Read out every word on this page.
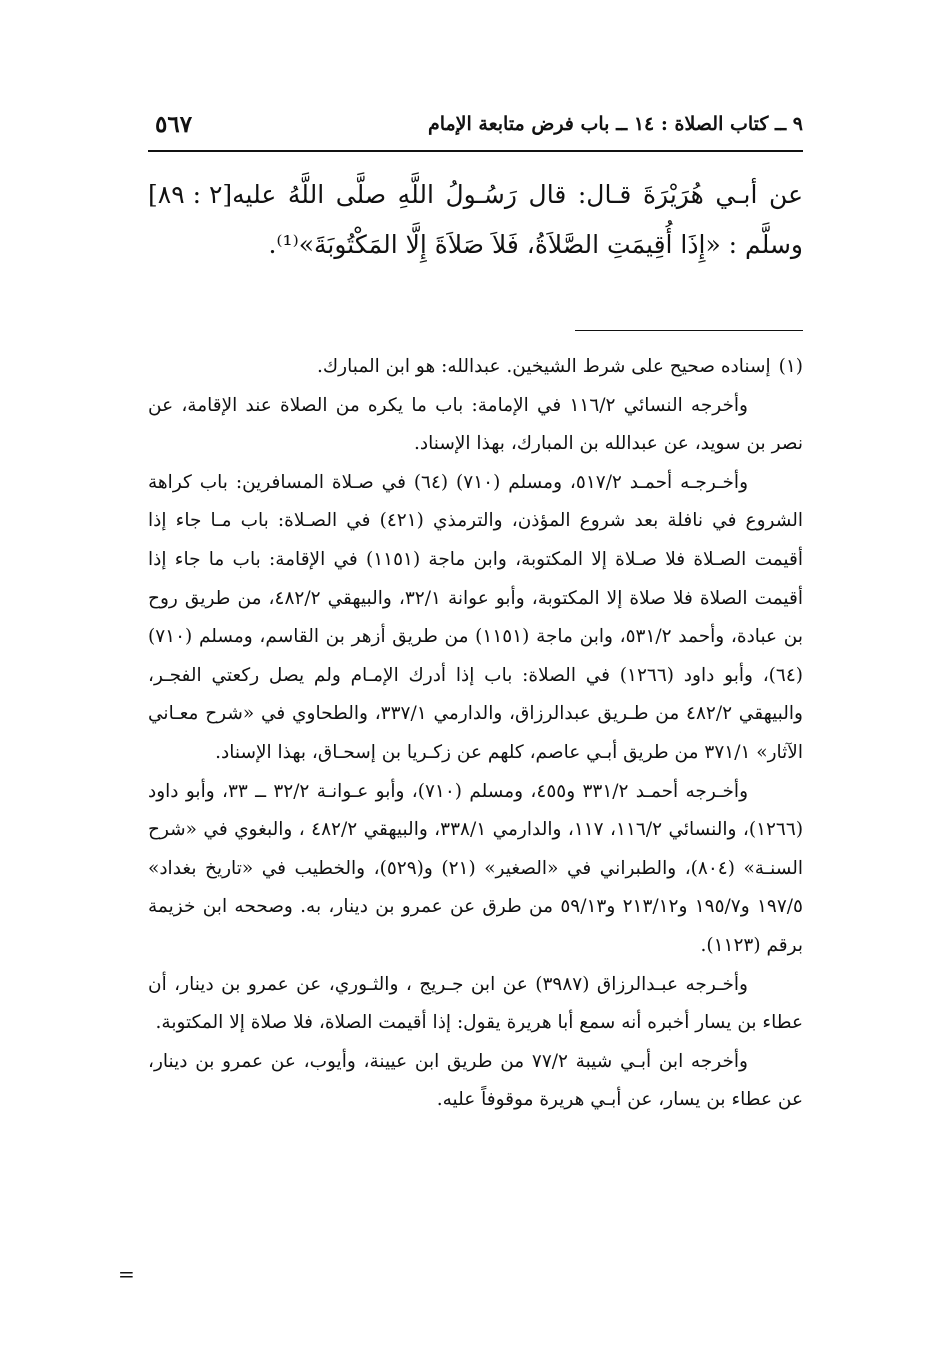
٩ ــ كتاب الصلاة : ١٤ ــ باب فرض متابعة الإمام
٥٦٧

[٢ : ٨٩] عن أبـي هُرَيْرَةَ قـال: قال رَسُـولُ اللَّهِ صلَّى اللَّهُ عليه وسلَّم : «إِذَا أُقِيمَتِ الصَّلاَةُ، فَلاَ صَلاَةَ إِلَّا المَكْتُوبَةَ»⁽¹⁾.

(١)إسناده صحيح على شرط الشيخين. عبدالله: هو ابن المبارك.

وأخرجه النسائي ١١٦/٢ في الإمامة: باب ما يكره من الصلاة عند الإقامة، عن نصر بن سويد، عن عبدالله بن المبارك، بهذا الإسناد.

وأخـرجـه أحمـد ٥١٧/٢، ومسلم (٧١٠) (٦٤) في صـلاة المسافرين: باب كراهة الشروع في نافلة بعد شروع المؤذن، والترمذي (٤٢١) في الصـلاة: باب مـا جاء إذا أقيمت الصـلاة فلا صـلاة إلا المكتوبة، وابن ماجة (١١٥١) في الإقامة: باب ما جاء إذا أقيمت الصلاة فلا صلاة إلا المكتوبة، وأبو عوانة ٣٢/١، والبيهقي ٤٨٢/٢، من طريق روح بن عبادة، وأحمد ٥٣١/٢، وابن ماجة (١١٥١) من طريق أزهر بن القاسم، ومسلم (٧١٠) (٦٤)، وأبو داود (١٢٦٦) في الصلاة: باب إذا أدرك الإمـام ولم يصل ركعتي الفجـر، والبيهقي ٤٨٢/٢ من طـريق عبدالرزاق، والدارمي ٣٣٧/١، والطحاوي في «شرح معـاني الآثار» ٣٧١/١ من طريق أبـي عاصم، كلهم عن زكـريا بن إسحـاق، بهذا الإسناد.

وأخـرجه أحمـد ٣٣١/٢ و٤٥٥، ومسلم (٧١٠)، وأبو عـوانـة ٣٢/٢ ــ ٣٣، وأبو داود (١٢٦٦)، والنسائي ١١٦/٢، ١١٧، والدارمي ٣٣٨/١، والبيهقي ٤٨٢/٢ ، والبغوي في «شرح السنـة» (٨٠٤)، والطبراني في «الصغير» (٢١) و(٥٢٩)، والخطيب في «تاريخ بغداد» ١٩٧/٥ و١٩٥/٧ و٢١٣/١٢ و٥٩/١٣ من طرق عن عمرو بن دينار، به. وصححه ابن خزيمة برقم (١١٢٣).

وأخـرجه عبـدالرزاق (٣٩٨٧) عن ابن جـريج ، والثـوري، عن عمرو بن دينار، أن عطاء بن يسار أخبره أنه سمع أبا هريرة يقول: إذا أقيمت الصلاة، فلا صلاة إلا المكتوبة.

وأخرجه ابن أبـي شيبة ٧٧/٢ من طريق ابن عيينة، وأيوب، عن عمرو بن دينار، عن عطاء بن يسار، عن أبـي هريرة موقوفاً عليه.

=
